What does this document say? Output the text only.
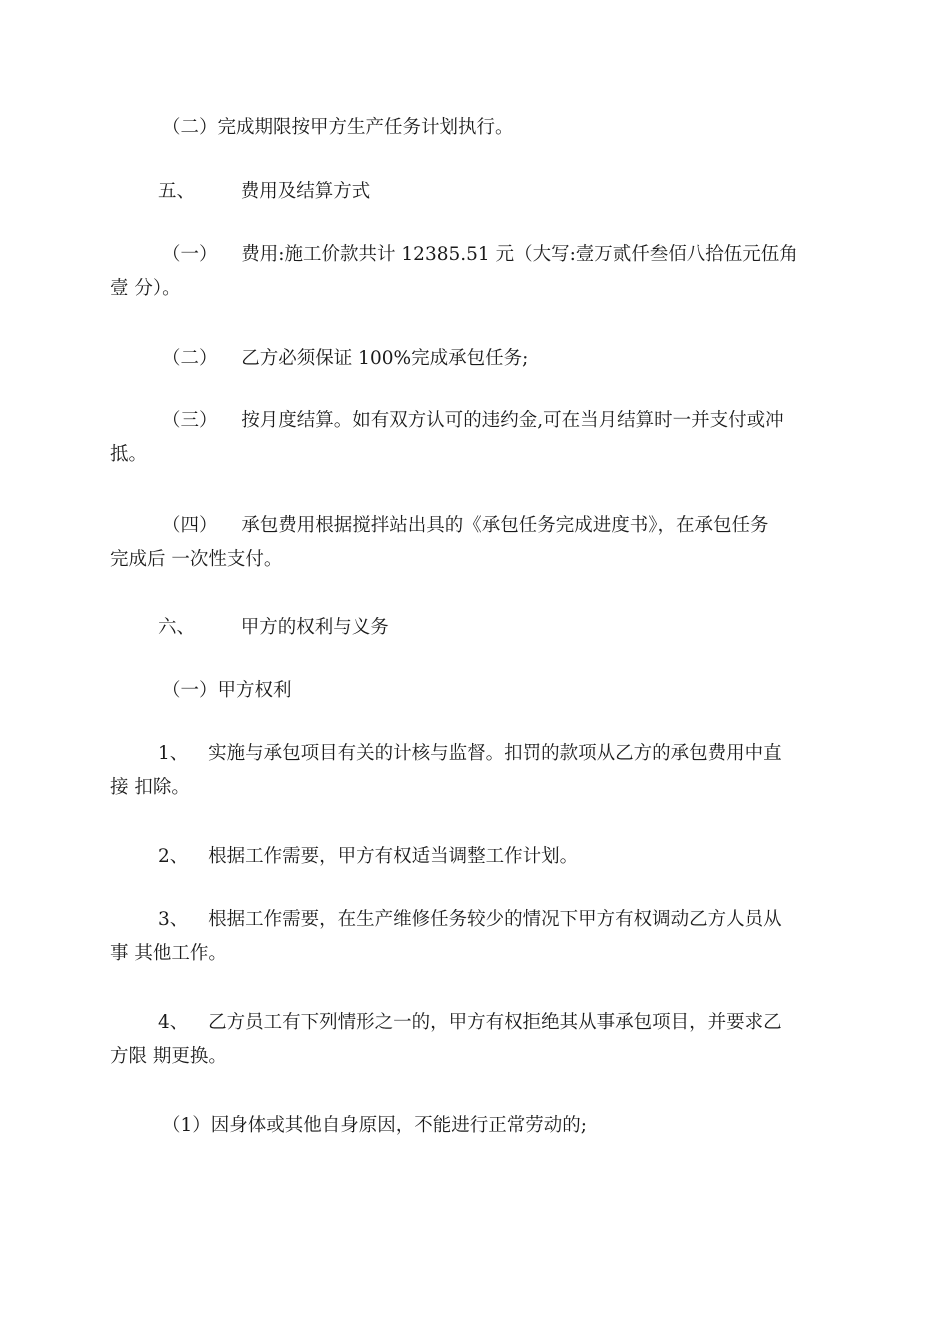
（二）完成期限按甲方生产任务计划执行。

五、 费用及结算方式

（一） 费用:施工价款共计 12385.51 元（大写:壹万贰仟叁佰八拾伍元伍角
壹 分）。

（二） 乙方必须保证 100%完成承包任务;

（三） 按月度结算。如有双方认可的违约金,可在当月结算时一并支付或冲
抵。

（四） 承包费用根据搅拌站出具的《承包任务完成进度书》，在承包任务
完成后 一次性支付。

六、 甲方的权利与义务

（一）甲方权利

1、 实施与承包项目有关的计核与监督。扣罚的款项从乙方的承包费用中直
接 扣除。

2、 根据工作需要，甲方有权适当调整工作计划。

3、 根据工作需要，在生产维修任务较少的情况下甲方有权调动乙方人员从
事 其他工作。

4、 乙方员工有下列情形之一的，甲方有权拒绝其从事承包项目，并要求乙
方限 期更换。

（1）因身体或其他自身原因，不能进行正常劳动的;
